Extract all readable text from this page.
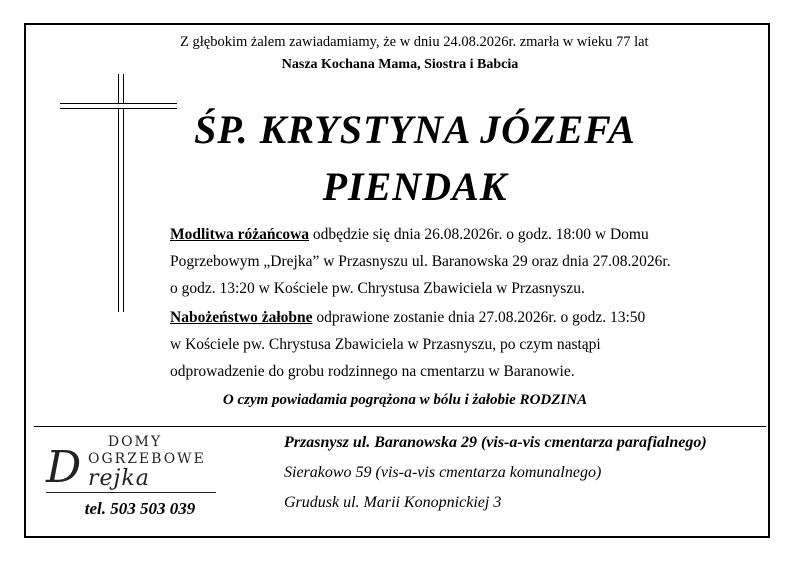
Z głębokim żalem zawiadamiamy, że w dniu 24.08.2026r. zmarła w wieku 77 lat
Nasza Kochana Mama, Siostra i Babcia
ŚP. KRYSTYNA JÓZEFA
PIENDAK
Modlitwa różańcowa odbędzie się dnia 26.08.2026r. o godz. 18:00 w Domu
Pogrzebowym „Drejka” w Przasnyszu ul. Baranowska 29 oraz dnia 27.08.2026r.
o godz. 13:20 w Kościele pw. Chrystusa Zbawiciela w Przasnyszu.
Nabożeństwo żałobne odprawione zostanie dnia 27.08.2026r. o godz. 13:50
w Kościele pw. Chrystusa Zbawiciela w Przasnyszu, po czym nastąpi
odprowadzenie do grobu rodzinnego na cmentarzu w Baranowie.
O czym powiadamia pogrążona w bólu i żałobie RODZINA
DOMY
D OGRZEBOWE
rejka
tel. 503 503 039
Przasnysz ul. Baranowska 29 (vis-a-vis cmentarza parafialnego)
Sierakowo 59 (vis-a-vis cmentarza komunalnego)
Grudusk ul. Marii Konopnickiej 3
